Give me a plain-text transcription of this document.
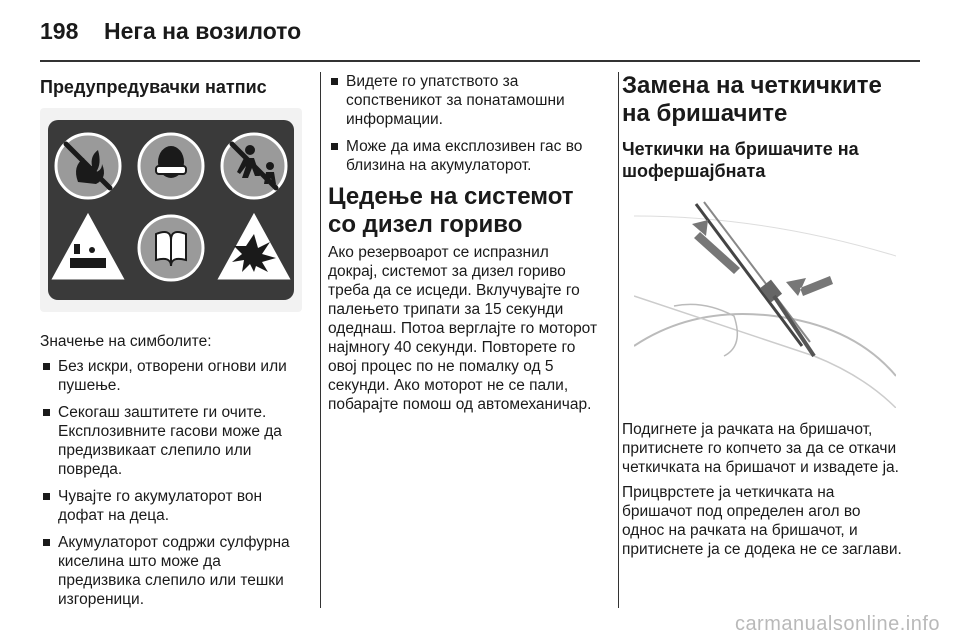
198 Нега на возилото
Предупредувачки натпис

Значење на симболите:

Без искри, отворени огнови или пушење.
Секогаш заштитете ги очите. Експлозивните гасови може да предизвикаат слепило или повреда.
Чувајте го акумулаторот вон дофат на деца.
Акумулаторот содржи сулфурна киселина што може да предизвика слепило или тешки изгореници.
Видете го упатството за сопственикот за понатамошни информации.
Може да има експлозивен гас во близина на акумулаторот.
Цедење на системот со дизел гориво

Ако резервоарот се испразнил докрај, системот за дизел гориво треба да се исцеди. Вклучувајте го палењето трипати за 15 секунди одеднаш. Потоа верглајте го моторот најмногу 40 секунди. Повторете го овој процес по не помалку од 5 секунди. Ако моторот не се пали, побарајте помош од автомеханичар.

Замена на четкичките на бришачите
Четкички на бришачите на шофершајбната

Подигнете ја рачката на бришачот, притиснете го копчето за да се откачи четкичката на бришачот и извадете ја.

Прицврстете ја четкичката на бришачот под определен агол во однос на рачката на бришачот, и притиснете ја се додека не се заглави.

carmanualsonline.info
